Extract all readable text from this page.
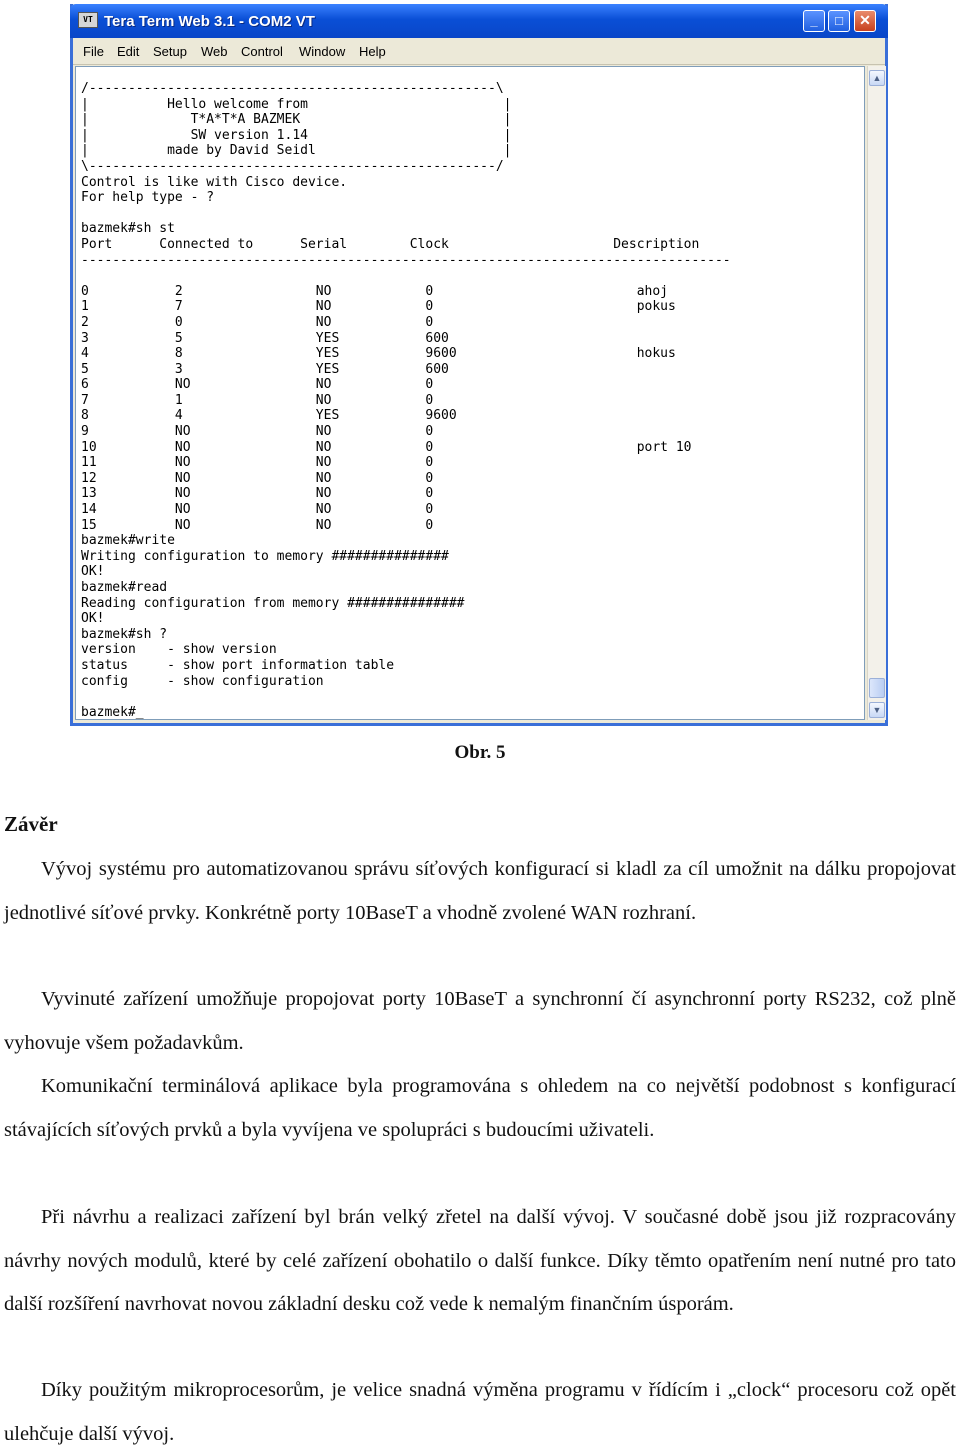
VT Tera Term Web 3.1 - COM2 VT	_	□	✕
File Edit Setup Web Control Window Help
/----------------------------------------------------\
|          Hello welcome from                         |
|             T*A*T*A BAZMEK                          |
|             SW version 1.14                         |
|          made by David Seidl                        |
\----------------------------------------------------/
Control is like with Cisco device.
For help type - ?
bazmek#sh st
Port      Connected to      Serial        Clock                     Description
-----------------------------------------------------------------------------------
0           2                 NO            0                          ahoj
1           7                 NO            0                          pokus
2           0                 NO            0
3           5                 YES           600
4           8                 YES           9600                       hokus
5           3                 YES           600
6           NO                NO            0
7           1                 NO            0
8           4                 YES           9600
9           NO                NO            0
10          NO                NO            0                          port 10
11          NO                NO            0
12          NO                NO            0
13          NO                NO            0
14          NO                NO            0
15          NO                NO            0
bazmek#write
Writing configuration to memory ###############
OK!
bazmek#read
Reading configuration from memory ###############
OK!
bazmek#sh ?
version    - show version
status     - show port information table
config     - show configuration
bazmek#_
▲
▼
Obr. 5
Závěr

Vývoj systému pro automatizovanou správu síťových konfigurací si kladl za cíl umožnit na dálku propojovat jednotlivé síťové prvky. Konkrétně porty 10BaseT a vhodně zvolené WAN rozhraní.

Vyvinuté zařízení umožňuje propojovat porty 10BaseT a synchronní čí asynchronní porty RS232, což plně vyhovuje všem požadavkům.

Komunikační terminálová aplikace byla programována s ohledem na co největší podobnost s konfigurací stávajících síťových prvků a byla vyvíjena ve spolupráci s budoucími uživateli.

Při návrhu a realizaci zařízení byl brán velký zřetel na další vývoj. V současné době jsou již rozpracovány návrhy nových modulů, které by celé zařízení obohatilo o další funkce. Díky těmto opatřením není nutné pro tato další rozšíření navrhovat novou základní desku což vede k nemalým finančním úsporám.

Díky použitým mikroprocesorům, je velice snadná výměna programu v řídícím i „clock“ procesoru což opět ulehčuje další vývoj.
